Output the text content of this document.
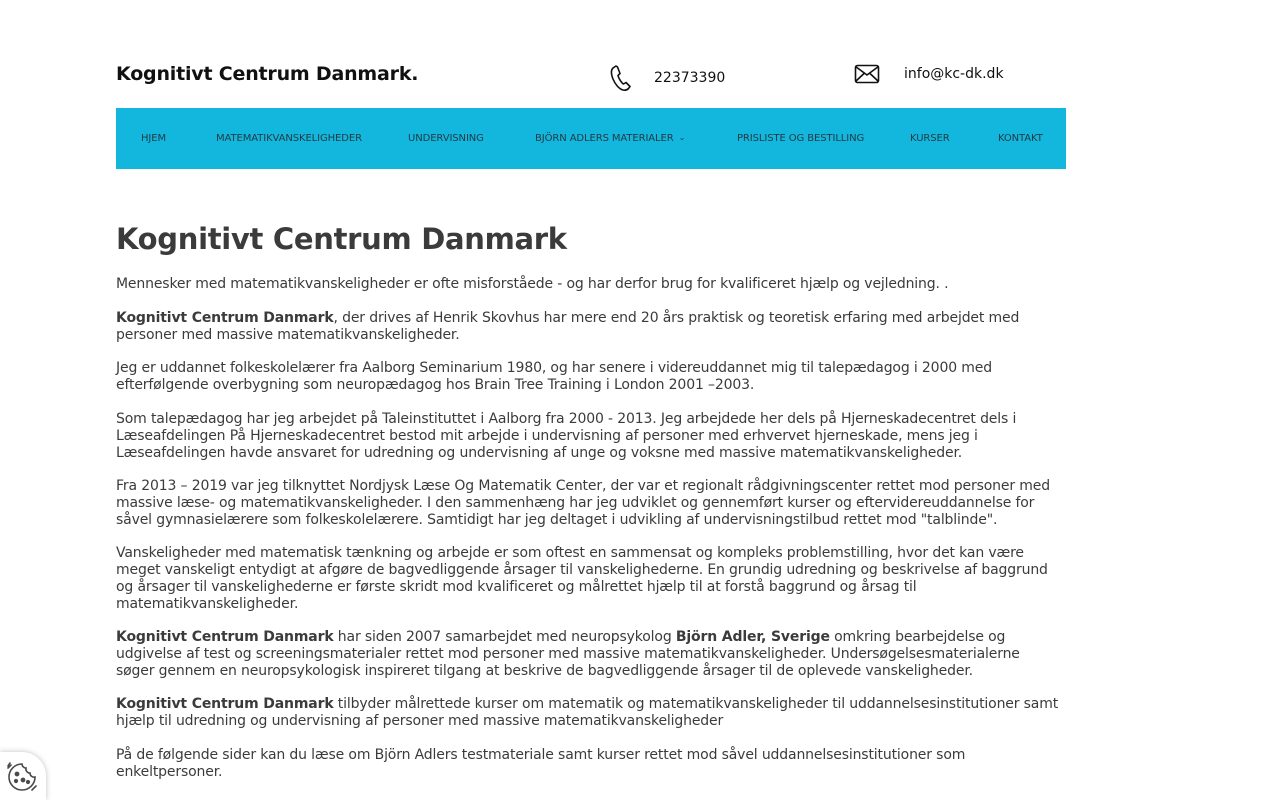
Kognitivt Centrum Danmark.	22373390	info@kc-dk.dk
HJEM	MATEMATIKVANSKELIGHEDER	UNDERVISNING	BJÖRN ADLERS MATERIALER ⌄	PRISLISTE OG BESTILLING	KURSER	KONTAKT
Kognitivt Centrum Danmark

Mennesker med matematikvanskeligheder er ofte misforståede - og har derfor brug for kvalificeret hjælp og vejledning. .

Kognitivt Centrum Danmark, der drives af Henrik Skovhus har mere end 20 års praktisk og teoretisk erfaring med arbejdet med personer med massive matematikvanskeligheder.

Jeg er uddannet folkeskolelærer fra Aalborg Seminarium 1980, og har senere i videreuddannet mig til talepædagog i 2000 med efterfølgende overbygning som neuropædagog hos Brain Tree Training i London 2001 –2003.

Som talepædagog har jeg arbejdet på Taleinstituttet i Aalborg fra 2000 - 2013. Jeg arbejdede her dels på Hjerneskadecentret dels i Læseafdelingen På Hjerneskadecentret bestod mit arbejde i undervisning af personer med erhvervet hjerneskade, mens jeg i Læseafdelingen havde ansvaret for udredning og undervisning af unge og voksne med massive matematikvanskeligheder.

Fra 2013 – 2019 var jeg tilknyttet Nordjysk Læse Og Matematik Center, der var et regionalt rådgivningscenter rettet mod personer med massive læse- og matematikvanskeligheder. I den sammenhæng har jeg udviklet og gennemført kurser og eftervidereuddannelse for såvel gymnasielærere som folkeskolelærere. Samtidigt har jeg deltaget i udvikling af undervisningstilbud rettet mod "talblinde".

Vanskeligheder med matematisk tænkning og arbejde er som oftest en sammensat og kompleks problemstilling, hvor det kan være meget vanskeligt entydigt at afgøre de bagvedliggende årsager til vanskelighederne. En grundig udredning og beskrivelse af baggrund og årsager til vanskelighederne er første skridt mod kvalificeret og målrettet hjælp til at forstå baggrund og årsag til matematikvanskeligheder.

Kognitivt Centrum Danmark har siden 2007 samarbejdet med neuropsykolog Björn Adler, Sverige omkring bearbejdelse og udgivelse af test og screeningsmaterialer rettet mod personer med massive matematikvanskeligheder. Undersøgelsesmaterialerne søger gennem en neuropsykologisk inspireret tilgang at beskrive de bagvedliggende årsager til de oplevede vanskeligheder.

Kognitivt Centrum Danmark tilbyder målrettede kurser om matematik og matematikvanskeligheder til uddannelsesinstitutioner samt hjælp til udredning og undervisning af personer med massive matematikvanskeligheder

På de følgende sider kan du læse om Björn Adlers testmateriale samt kurser rettet mod såvel uddannelsesinstitutioner som enkeltpersoner.
